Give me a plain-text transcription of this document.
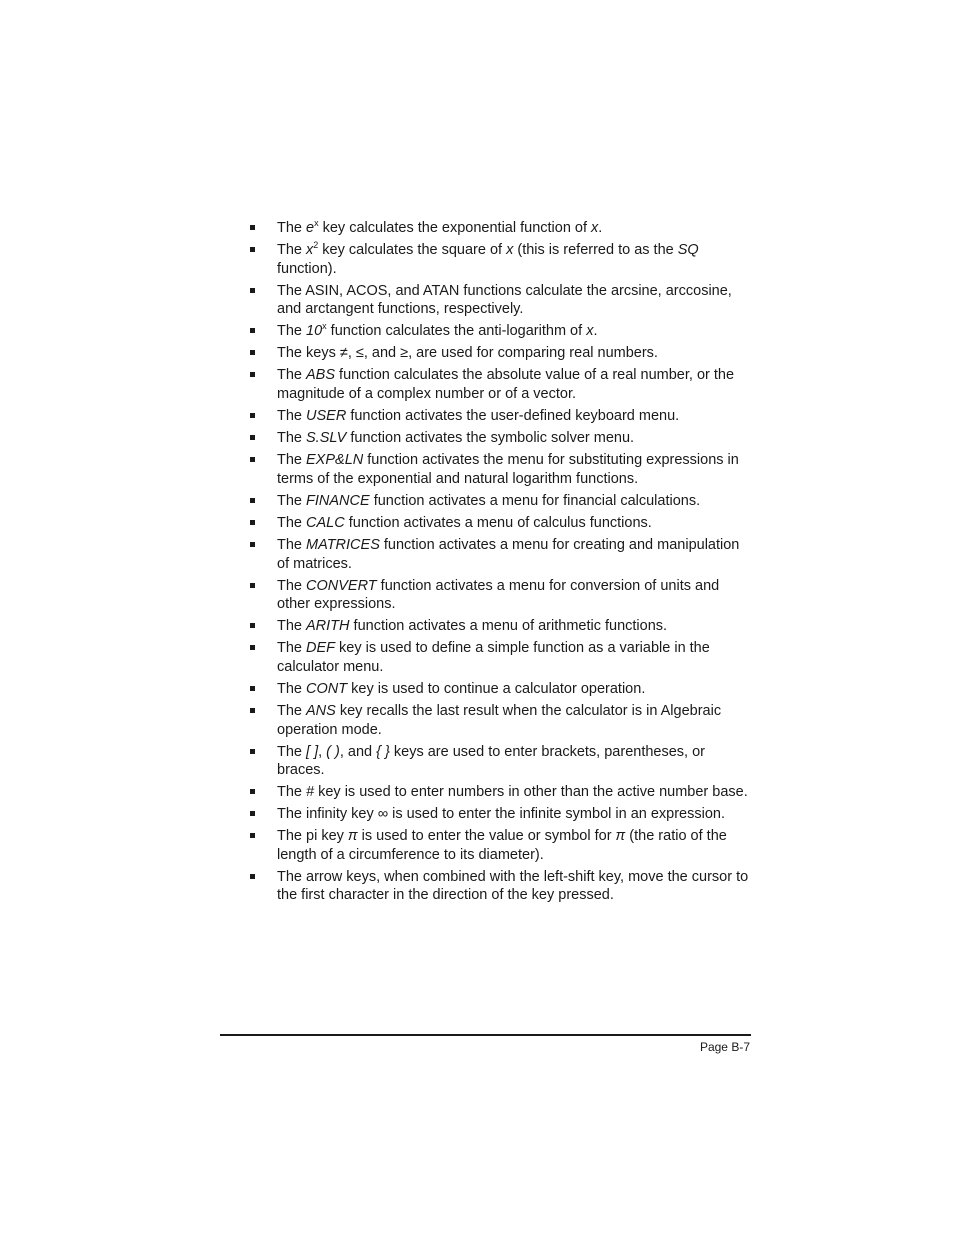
The $e^x$ key calculates the exponential function of x.
The $x^2$ key calculates the square of x (this is referred to as the SQ function).
The ASIN, ACOS, and ATAN functions calculate the arcsine, arccosine, and arctangent functions, respectively.
The 10$^x$ function calculates the anti-logarithm of x.
The keys ≠, ≤, and ≥, are used for comparing real numbers.
The ABS function calculates the absolute value of a real number, or the magnitude of a complex number or of a vector.
The USER function activates the user-defined keyboard menu.
The S.SLV function activates the symbolic solver menu.
The EXP&LN function activates the menu for substituting expressions in terms of the exponential and natural logarithm functions.
The FINANCE function activates a menu for financial calculations.
The CALC function activates a menu of calculus functions.
The MATRICES function activates a menu for creating and manipulation of matrices.
The CONVERT function activates a menu for conversion of units and other expressions.
The ARITH function activates a menu of arithmetic functions.
The DEF key is used to define a simple function as a variable in the calculator menu.
The CONT key is used to continue a calculator operation.
The ANS key recalls the last result when the calculator is in Algebraic operation mode.
The [ ], ( ), and { } keys are used to enter brackets, parentheses, or braces.
The # key is used to enter numbers in other than the active number base.
The infinity key ∞ is used to enter the infinite symbol in an expression.
The pi key π is used to enter the value or symbol for π (the ratio of the length of a circumference to its diameter).
The arrow keys, when combined with the left-shift key, move the cursor to the first character in the direction of the key pressed.
Page B-7
